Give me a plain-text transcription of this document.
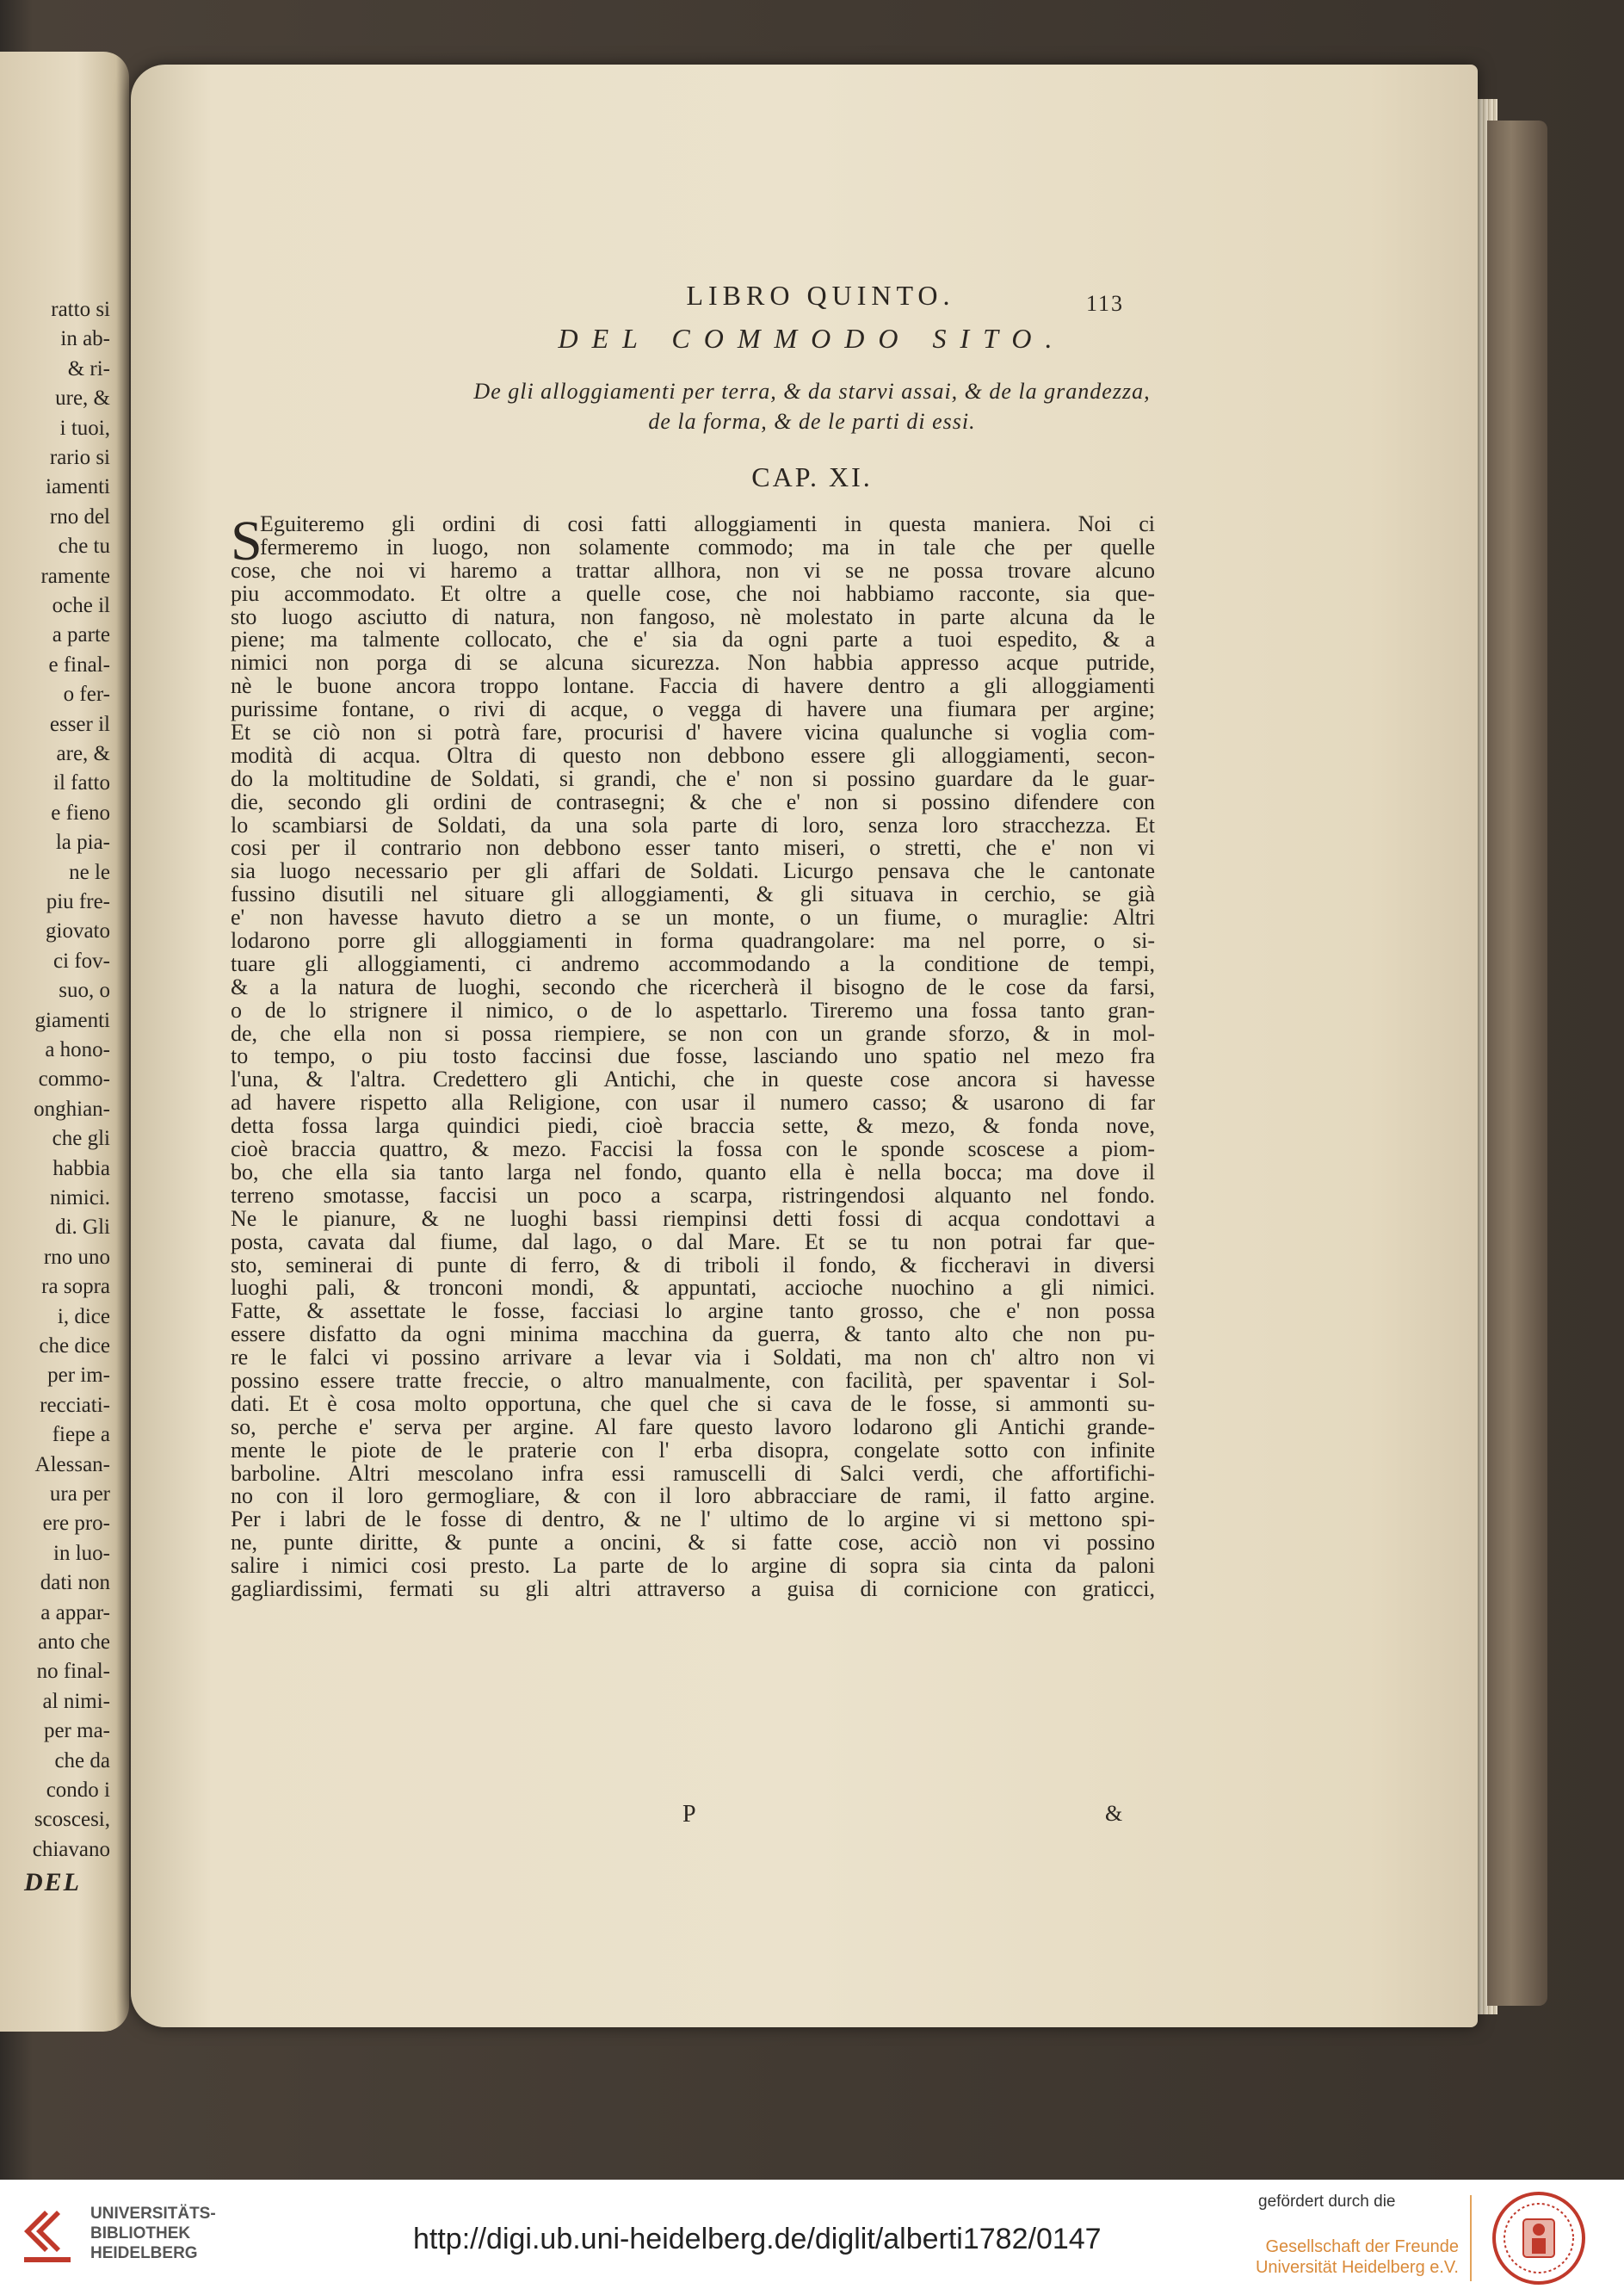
ratto si
in ab-
& ri-
ure, &
i tuoi,
rario si
iamenti
rno del
che tu
ramente
oche il
a parte
e final-
o fer-
esser il
are, &
il fatto
e fieno
la pia-
ne le
piu fre-
giovato
ci fov-
suo, o
giamenti
a hono-
commo-
onghian-
che gli
habbia
nimici.
di. Gli
rno uno
ra sopra
i, dice
che dice
per im-
recciati-
fiepe a
Alessan-
ura per
ere pro-
in luo-
dati non
a appar-
anto che
no final-
al nimi-
per ma-
che da
condo i
scoscesi,
chiavano
DEL
LIBRO QUINTO.	113
DEL COMMODO SITO.
De gli alloggiamenti per terra, & da starvi assai, & de la grandezza,
de la forma, & de le parti di essi.
CAP. XI.
S
Eguiteremo gli ordini di cosi fatti alloggiamenti in questa maniera. Noi ci
fermeremo in luogo, non solamente commodo; ma in tale che per quelle
cose, che noi vi haremo a trattar allhora, non vi se ne possa trovare alcuno
piu accommodato. Et oltre a quelle cose, che noi habbiamo racconte, sia que-
sto luogo asciutto di natura, non fangoso, nè molestato in parte alcuna da le
piene; ma talmente collocato, che e' sia da ogni parte a tuoi espedito, & a
nimici non porga di se alcuna sicurezza. Non habbia appresso acque putride,
nè le buone ancora troppo lontane. Faccia di havere dentro a gli alloggiamenti
purissime fontane, o rivi di acque, o vegga di havere una fiumara per argine;
Et se ciò non si potrà fare, procurisi d' havere vicina qualunche si voglia com-
modità di acqua. Oltra di questo non debbono essere gli alloggiamenti, secon-
do la moltitudine de Soldati, si grandi, che e' non si possino guardare da le guar-
die, secondo gli ordini de contrasegni; & che e' non si possino difendere con
lo scambiarsi de Soldati, da una sola parte di loro, senza loro stracchezza. Et
cosi per il contrario non debbono esser tanto miseri, o stretti, che e' non vi
sia luogo necessario per gli affari de Soldati. Licurgo pensava che le cantonate
fussino disutili nel situare gli alloggiamenti, & gli situava in cerchio, se già
e' non havesse havuto dietro a se un monte, o un fiume, o muraglie: Altri
lodarono porre gli alloggiamenti in forma quadrangolare: ma nel porre, o si-
tuare gli alloggiamenti, ci andremo accommodando a la conditione de tempi,
& a la natura de luoghi, secondo che ricercherà il bisogno de le cose da farsi,
o de lo strignere il nimico, o de lo aspettarlo. Tireremo una fossa tanto gran-
de, che ella non si possa riempiere, se non con un grande sforzo, & in mol-
to tempo, o piu tosto faccinsi due fosse, lasciando uno spatio nel mezo fra
l'una, & l'altra. Credettero gli Antichi, che in queste cose ancora si havesse
ad havere rispetto alla Religione, con usar il numero casso; & usarono di far
detta fossa larga quindici piedi, cioè braccia sette, & mezo, & fonda nove,
cioè braccia quattro, & mezo. Faccisi la fossa con le sponde scoscese a piom-
bo, che ella sia tanto larga nel fondo, quanto ella è nella bocca; ma dove il
terreno smotasse, faccisi un poco a scarpa, ristringendosi alquanto nel fondo.
Ne le pianure, & ne luoghi bassi riempinsi detti fossi di acqua condottavi a
posta, cavata dal fiume, dal lago, o dal Mare. Et se tu non potrai far que-
sto, seminerai di punte di ferro, & di triboli il fondo, & ficcheravi in diversi
luoghi pali, & tronconi mondi, & appuntati, accioche nuochino a gli nimici.
Fatte, & assettate le fosse, facciasi lo argine tanto grosso, che e' non possa
essere disfatto da ogni minima macchina da guerra, & tanto alto che non pu-
re le falci vi possino arrivare a levar via i Soldati, ma non ch' altro non vi
possino essere tratte freccie, o altro manualmente, con facilità, per spaventar i Sol-
dati. Et è cosa molto opportuna, che quel che si cava de le fosse, si ammonti su-
so, perche e' serva per argine. Al fare questo lavoro lodarono gli Antichi grande-
mente le piote de le praterie con l' erba disopra, congelate sotto con infinite
barboline. Altri mescolano infra essi ramuscelli di Salci verdi, che affortifichi-
no con il loro germogliare, & con il loro abbracciare de rami, il fatto argine.
Per i labri de le fosse di dentro, & ne l' ultimo de lo argine vi si mettono spi-
ne, punte diritte, & punte a oncini, & si fatte cose, acciò non vi possino
salire i nimici cosi presto. La parte de lo argine di sopra sia cinta da paloni
gagliardissimi, fermati su gli altri attraverso a guisa di cornicione con graticci,
P	&
UNIVERSITÄTS-
BIBLIOTHEK
HEIDELBERG	http://digi.ub.uni-heidelberg.de/diglit/alberti1782/0147
gefördert durch die
Gesellschaft der Freunde
Universität Heidelberg e.V.
